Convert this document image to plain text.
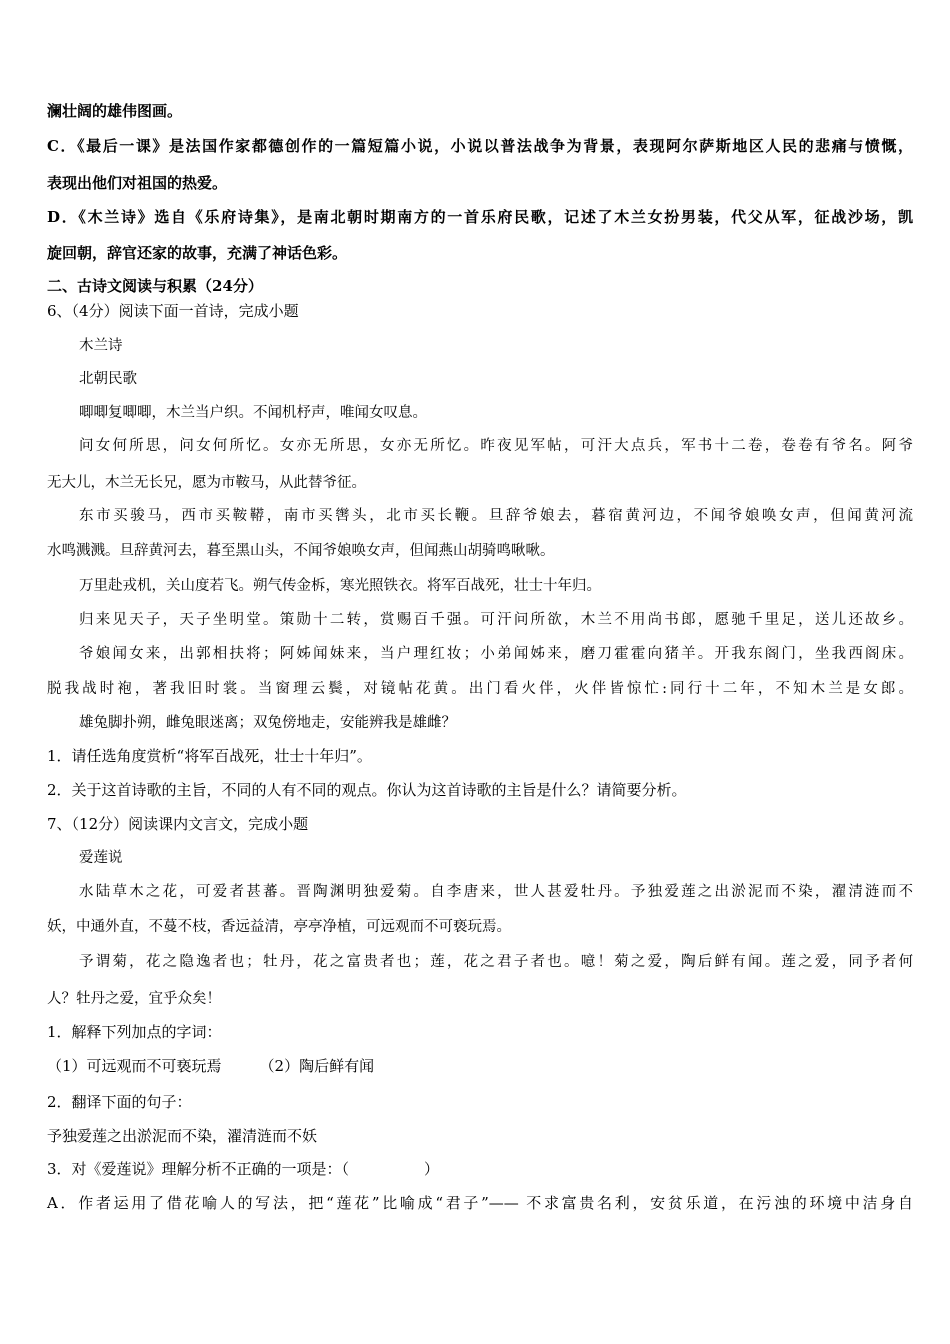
澜壮阔的雄伟图画。

C．《最后一课》是法国作家都德创作的一篇短篇小说，小说以普法战争为背景，表现阿尔萨斯地区人民的悲痛与愤慨，

表现出他们对祖国的热爱。

D．《木兰诗》选自《乐府诗集》，是南北朝时期南方的一首乐府民歌，记述了木兰女扮男装，代父从军，征战沙场，凯

旋回朝，辞官还家的故事，充满了神话色彩。

二、古诗文阅读与积累（24分）

6、（4分）阅读下面一首诗，完成小题

木兰诗

北朝民歌

唧唧复唧唧，木兰当户织。不闻机杼声，唯闻女叹息。

问女何所思，问女何所忆。女亦无所思，女亦无所忆。昨夜见军帖，可汗大点兵，军书十二卷，卷卷有爷名。阿爷

无大儿，木兰无长兄，愿为市鞍马，从此替爷征。

东市买骏马，西市买鞍鞯，南市买辔头，北市买长鞭。旦辞爷娘去，暮宿黄河边，不闻爷娘唤女声，但闻黄河流

水鸣溅溅。旦辞黄河去，暮至黑山头，不闻爷娘唤女声，但闻燕山胡骑鸣啾啾。

万里赴戎机，关山度若飞。朔气传金柝，寒光照铁衣。将军百战死，壮士十年归。

归来见天子，天子坐明堂。策勋十二转，赏赐百千强。可汗问所欲，木兰不用尚书郎，愿驰千里足，送儿还故乡。

爷娘闻女来，出郭相扶将；阿姊闻妹来，当户理红妆；小弟闻姊来，磨刀霍霍向猪羊。开我东阁门，坐我西阁床。

脱我战时袍，著我旧时裳。当窗理云鬓，对镜帖花黄。出门看火伴，火伴皆惊忙:同行十二年，不知木兰是女郎。

雄兔脚扑朔，雌兔眼迷离；双兔傍地走，安能辨我是雄雌？

1．请任选角度赏析“将军百战死，壮士十年归”。

2．关于这首诗歌的主旨，不同的人有不同的观点。你认为这首诗歌的主旨是什么？请简要分析。

7、（12分）阅读课内文言文，完成小题

爱莲说

水陆草木之花，可爱者甚蕃。晋陶渊明独爱菊。自李唐来，世人甚爱牡丹。予独爱莲之出淤泥而不染，濯清涟而不

妖，中通外直，不蔓不枝，香远益清，亭亭净植，可远观而不可亵玩焉。

予谓菊，花之隐逸者也；牡丹，花之富贵者也；莲，花之君子者也。噫！菊之爱，陶后鲜有闻。莲之爱，同予者何

人？牡丹之爱，宜乎众矣！

1．解释下列加点的字词：

（1）可远观而不可亵玩焉	（2）陶后鲜有闻

2．翻译下面的句子：

予独爱莲之出淤泥而不染，濯清涟而不妖

3．对《爱莲说》理解分析不正确的一项是：（　　　　　）

A．作者运用了借花喻人的写法，把“莲花”比喻成“君子”—— 不求富贵名利，安贫乐道，在污浊的环境中洁身自
